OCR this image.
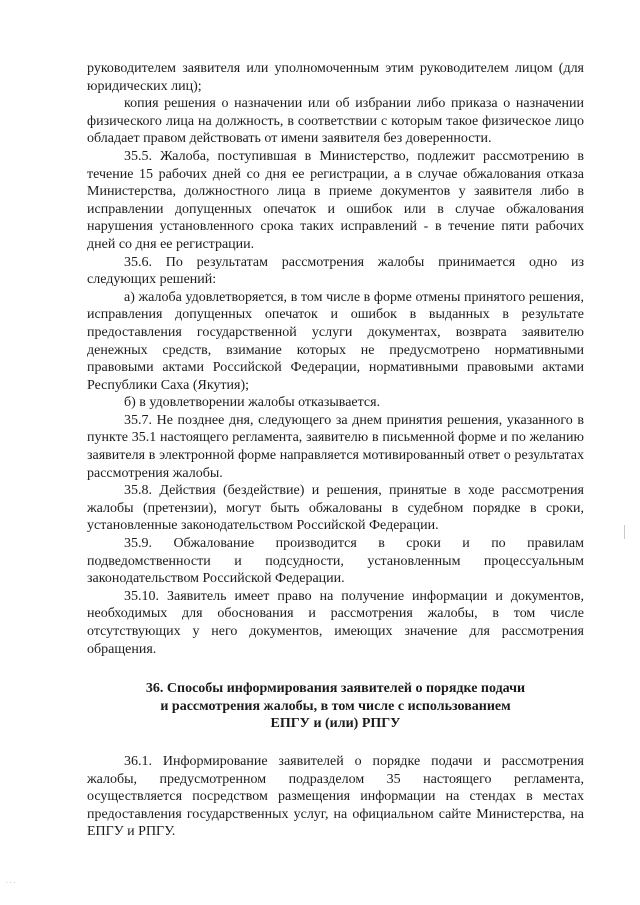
руководителем заявителя или уполномоченным этим руководителем лицом (для юридических лиц);

копия решения о назначении или об избрании либо приказа о назначении физического лица на должность, в соответствии с которым такое физическое лицо обладает правом действовать от имени заявителя без доверенности.

35.5. Жалоба, поступившая в Министерство, подлежит рассмотрению в течение 15 рабочих дней со дня ее регистрации, а в случае обжалования отказа Министерства, должностного лица в приеме документов у заявителя либо в исправлении допущенных опечаток и ошибок или в случае обжалования нарушения установленного срока таких исправлений - в течение пяти рабочих дней со дня ее регистрации.

35.6. По результатам рассмотрения жалобы принимается одно из следующих решений:

а) жалоба удовлетворяется, в том числе в форме отмены принятого решения, исправления допущенных опечаток и ошибок в выданных в результате предоставления государственной услуги документах, возврата заявителю денежных средств, взимание которых не предусмотрено нормативными правовыми актами Российской Федерации, нормативными правовыми актами Республики Саха (Якутия);

б) в удовлетворении жалобы отказывается.

35.7. Не позднее дня, следующего за днем принятия решения, указанного в пункте 35.1 настоящего регламента, заявителю в письменной форме и по желанию заявителя в электронной форме направляется мотивированный ответ о результатах рассмотрения жалобы.

35.8. Действия (бездействие) и решения, принятые в ходе рассмотрения жалобы (претензии), могут быть обжалованы в судебном порядке в сроки, установленные законодательством Российской Федерации.

35.9. Обжалование производится в сроки и по правилам подведомственности и подсудности, установленным процессуальным законодательством Российской Федерации.

35.10. Заявитель имеет право на получение информации и документов, необходимых для обоснования и рассмотрения жалобы, в том числе отсутствующих у него документов, имеющих значение для рассмотрения обращения.

36. Способы информирования заявителей о порядке подачи
и рассмотрения жалобы, в том числе с использованием
ЕПГУ и (или) РПГУ

36.1. Информирование заявителей о порядке подачи и рассмотрения жалобы, предусмотренном подразделом 35 настоящего регламента, осуществляется посредством размещения информации на стендах в местах предоставления государственных услуг, на официальном сайте Министерства, на ЕПГУ и РПГУ.

· · ·
